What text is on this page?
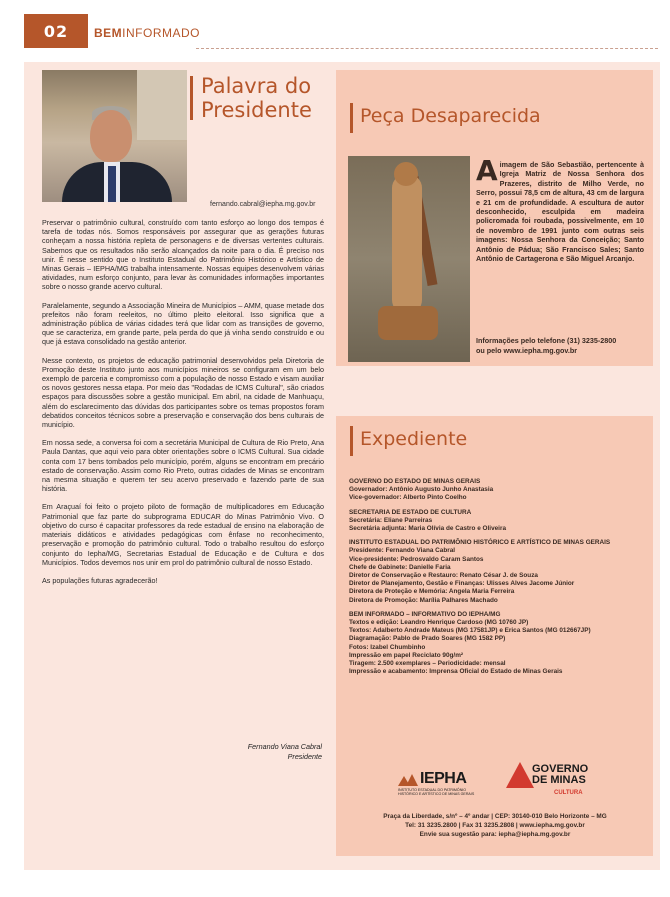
02	BEMINFORMADO
Palavra do
Presidente
fernando.cabral@iepha.mg.gov.br

Preservar o patrimônio cultural, construído com tanto esforço ao longo dos tempos é tarefa de todas nós. Somos responsáveis por assegurar que as gerações futuras conheçam a nossa história repleta de personagens e de diversas vertentes culturais. Sabemos que os resultados não serão alcançados da noite para o dia. É preciso nos unir. É nesse sentido que o Instituto Estadual do Patrimônio Histórico e Artístico de Minas Gerais – IEPHA/MG trabalha intensamente. Nossas equipes desenvolvem várias atividades, num esforço conjunto, para levar às comunidades informações importantes sobre o nosso grande acervo cultural.

Paralelamente, segundo a Associação Mineira de Municípios – AMM, quase metade dos prefeitos não foram reeleitos, no último pleito eleitoral. Isso significa que a administração pública de várias cidades terá que lidar com as transições de governo, que se caracteriza, em grande parte, pela perda do que já vinha sendo construído e ou que já estava consolidado na gestão anterior.

Nesse contexto, os projetos de educação patrimonial desenvolvidos pela Diretoria de Promoção deste Instituto junto aos municípios mineiros se configuram em um belo exemplo de parceria e compromisso com a população de nosso Estado e visam auxiliar os novos gestores nessa etapa. Por meio das "Rodadas de ICMS Cultural", são criados espaços para discussões sobre a gestão municipal. Em abril, na cidade de Manhuaçu, além do esclarecimento das dúvidas dos participantes sobre os temas propostos foram debatidos conceitos técnicos sobre a preservação e conservação dos bens culturais de município.

Em nossa sede, a conversa foi com a secretária Municipal de Cultura de Rio Preto, Ana Paula Dantas, que aqui veio para obter orientações sobre o ICMS Cultural. Sua cidade conta com 17 bens tombados pelo município, porém, alguns se encontram em precário estado de conservação. Assim como Rio Preto, outras cidades de Minas se encontram na mesma situação e querem ter seu acervo preservado e fazendo parte de sua história.

Em Araçuaí foi feito o projeto piloto de formação de multiplicadores em Educação Patrimonial que faz parte do subprograma EDUCAR do Minas Patrimônio Vivo. O objetivo do curso é capacitar professores da rede estadual de ensino na elaboração de materiais didáticos e atividades pedagógicas com ênfase no reconhecimento, preservação e promoção do patrimônio cultural. Todo o trabalho resultou do esforço conjunto do Iepha/MG, Secretarias Estadual de Educação e de Cultura e dos Municípios. Todos devemos nos unir em prol do patrimônio cultural de nosso Estado.

As populações futuras agradecerão!

Fernando Viana Cabral
Presidente
Peça Desaparecida
A imagem de São Sebastião, pertencente à Igreja Matriz de Nossa Senhora dos Prazeres, distrito de Milho Verde, no Serro, possui 78,5 cm de altura, 43 cm de largura e 21 cm de profundidade. A escultura de autor desconhecido, esculpida em madeira policromada foi roubada, possivelmente, em 10 de novembro de 1991 junto com outras seis imagens: Nossa Senhora da Conceição; Santo Antônio de Pádua; São Francisco Sales; Santo Antônio de Cartagerona e São Miguel Arcanjo.
Informações pelo telefone (31) 3235-2800
ou pelo www.iepha.mg.gov.br
Expediente
GOVERNO DO ESTADO DE MINAS GERAIS
Governador: Antônio Augusto Junho Anastasia
Vice-governador: Alberto Pinto Coelho
SECRETARIA DE ESTADO DE CULTURA
Secretária: Eliane Parreiras
Secretária adjunta: Maria Olívia de Castro e Oliveira
INSTITUTO ESTADUAL DO PATRIMÔNIO HISTÓRICO E ARTÍSTICO DE MINAS GERAIS
Presidente: Fernando Viana Cabral
Vice-presidente: Pedrosvaldo Caram Santos
Chefe de Gabinete: Danielle Faria
Diretor de Conservação e Restauro: Renato César J. de Souza
Diretor de Planejamento, Gestão e Finanças: Ulisses Alves Jacome Júnior
Diretora de Proteção e Memória: Angela Maria Ferreira
Diretora de Promoção: Marília Palhares Machado
BEM INFORMADO – INFORMATIVO DO IEPHA/MG
Textos e edição: Leandro Henrique Cardoso (MG 10760 JP)
Textos: Adalberto Andrade Mateus (MG 17581JP) e Erica Santos (MG 012667JP)
Diagramação: Pablo de Prado Soares (MG 1582 PP)
Fotos: Izabel Chumbinho
Impressão em papel Reciclato 90g/m²
Tiragem: 2.500 exemplares – Periodicidade: mensal
Impressão e acabamento: Imprensa Oficial do Estado de Minas Gerais
IEPHA
INSTITUTO ESTADUAL DO PATRIMÔNIO HISTÓRICO E ARTÍSTICO DE MINAS GERAIS
GOVERNO
DE MINAS
CULTURA
Praça da Liberdade, s/nº – 4º andar | CEP: 30140-010 Belo Horizonte – MG
Tel: 31 3235.2800 | Fax 31 3235.2808 | www.iepha.mg.gov.br
Envie sua sugestão para: iepha@iepha.mg.gov.br
